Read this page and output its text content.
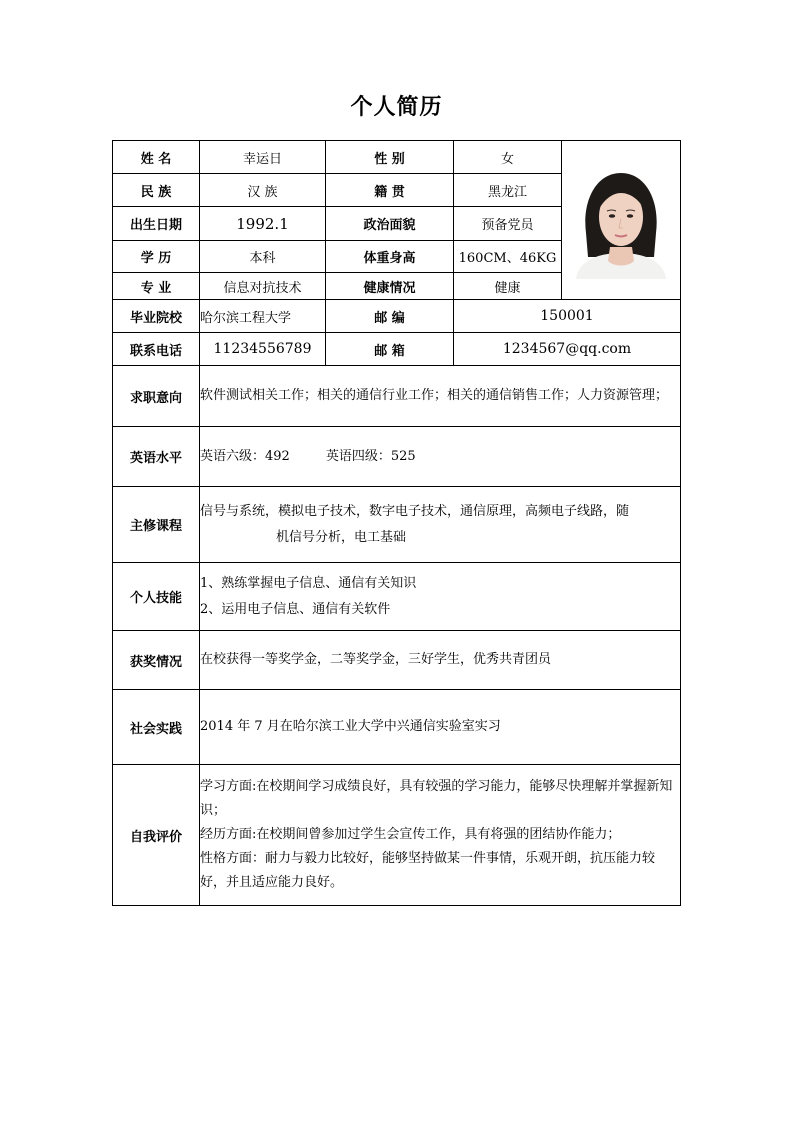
个人简历
姓 名	幸运日	性 别	女	

民 族	汉 族	籍 贯	黑龙江	
出生日期	1992.1	政治面貌	预备党员	
学 历	本科	体重身高	160CM、46KG	
专 业	信息对抗技术	健康情况	健康	
毕业院校	哈尔滨工程大学	邮 编	150001	
联系电话	11234556789	邮 箱	1234567@qq.com	
求职意向	软件测试相关工作；相关的通信行业工作；相关的通信销售工作；人力资源管理；			
英语水平	英语六级：492 英语四级：525			
主修课程	信号与系统，模拟电子技术，数字电子技术，通信原理，高频电子线路，随
机信号分析，电工基础			

个人技能	1、熟练掌握电子信息、通信有关知识
2、运用电子信息、通信有关软件			

获奖情况	在校获得一等奖学金，二等奖学金，三好学生，优秀共青团员			
社会实践	2014 年 7 月在哈尔滨工业大学中兴通信实验室实习			
自我评价	学习方面:在校期间学习成绩良好，具有较强的学习能力，能够尽快理解并掌握新知识；
经历方面:在校期间曾参加过学生会宣传工作，具有将强的团结协作能力；
性格方面：耐力与毅力比较好，能够坚持做某一件事情，乐观开朗，抗压能力较好，并且适应能力良好。			
